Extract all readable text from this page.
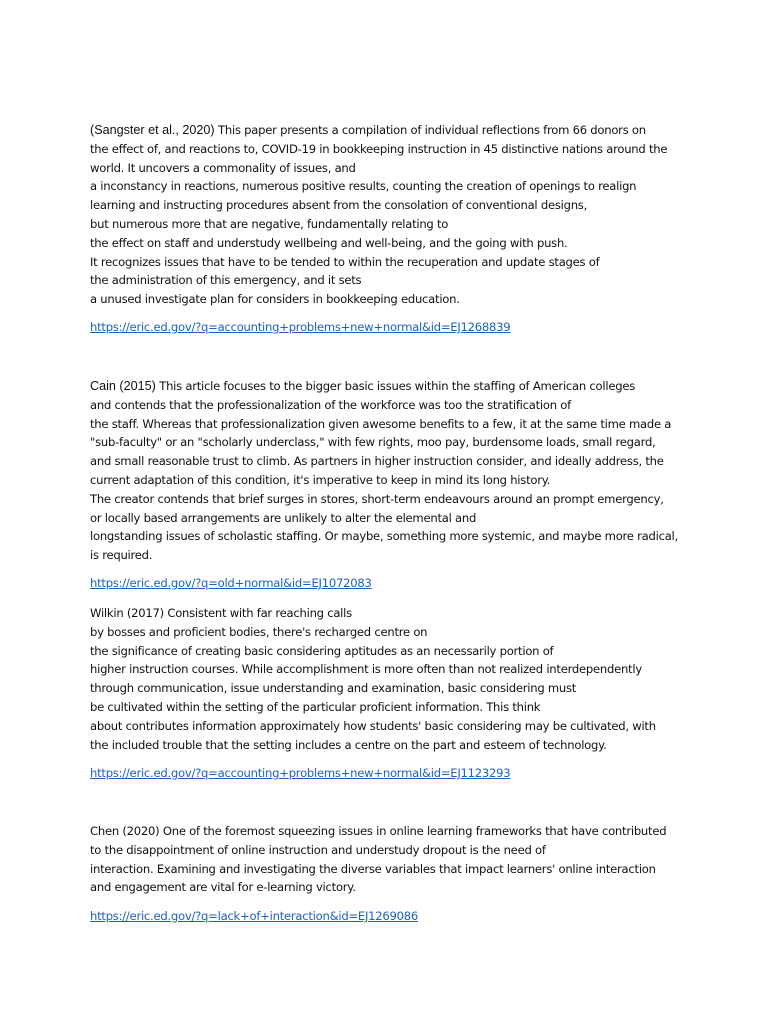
(Sangster et al., 2020) This paper presents a compilation of individual reflections from 66 donors on
the effect of, and reactions to, COVID-19 in bookkeeping instruction in 45 distinctive nations around the
world. It uncovers a commonality of issues, and
a inconstancy in reactions, numerous positive results, counting the creation of openings to realign
learning and instructing procedures absent from the consolation of conventional designs,
but numerous more that are negative, fundamentally relating to
the effect on staff and understudy wellbeing and well-being, and the going with push.
It recognizes issues that have to be tended to within the recuperation and update stages of
the administration of this emergency, and it sets
a unused investigate plan for considers in bookkeeping education.

https://eric.ed.gov/?q=accounting+problems+new+normal&id=EJ1268839

Cain (2015) This article focuses to the bigger basic issues within the staffing of American colleges
and contends that the professionalization of the workforce was too the stratification of
the staff. Whereas that professionalization given awesome benefits to a few, it at the same time made a
"sub-faculty" or an "scholarly underclass," with few rights, moo pay, burdensome loads, small regard,
and small reasonable trust to climb. As partners in higher instruction consider, and ideally address, the
current adaptation of this condition, it's imperative to keep in mind its long history.
The creator contends that brief surges in stores, short-term endeavours around an prompt emergency,
or locally based arrangements are unlikely to alter the elemental and
longstanding issues of scholastic staffing. Or maybe, something more systemic, and maybe more radical,
is required.

https://eric.ed.gov/?q=old+normal&id=EJ1072083

Wilkin (2017) Consistent with far reaching calls
by bosses and proficient bodies, there's recharged centre on
the significance of creating basic considering aptitudes as an necessarily portion of
higher instruction courses. While accomplishment is more often than not realized interdependently
through communication, issue understanding and examination, basic considering must
be cultivated within the setting of the particular proficient information. This think
about contributes information approximately how students' basic considering may be cultivated, with
the included trouble that the setting includes a centre on the part and esteem of technology.

https://eric.ed.gov/?q=accounting+problems+new+normal&id=EJ1123293

Chen (2020) One of the foremost squeezing issues in online learning frameworks that have contributed
to the disappointment of online instruction and understudy dropout is the need of
interaction. Examining and investigating the diverse variables that impact learners' online interaction
and engagement are vital for e-learning victory.

https://eric.ed.gov/?q=lack+of+interaction&id=EJ1269086
